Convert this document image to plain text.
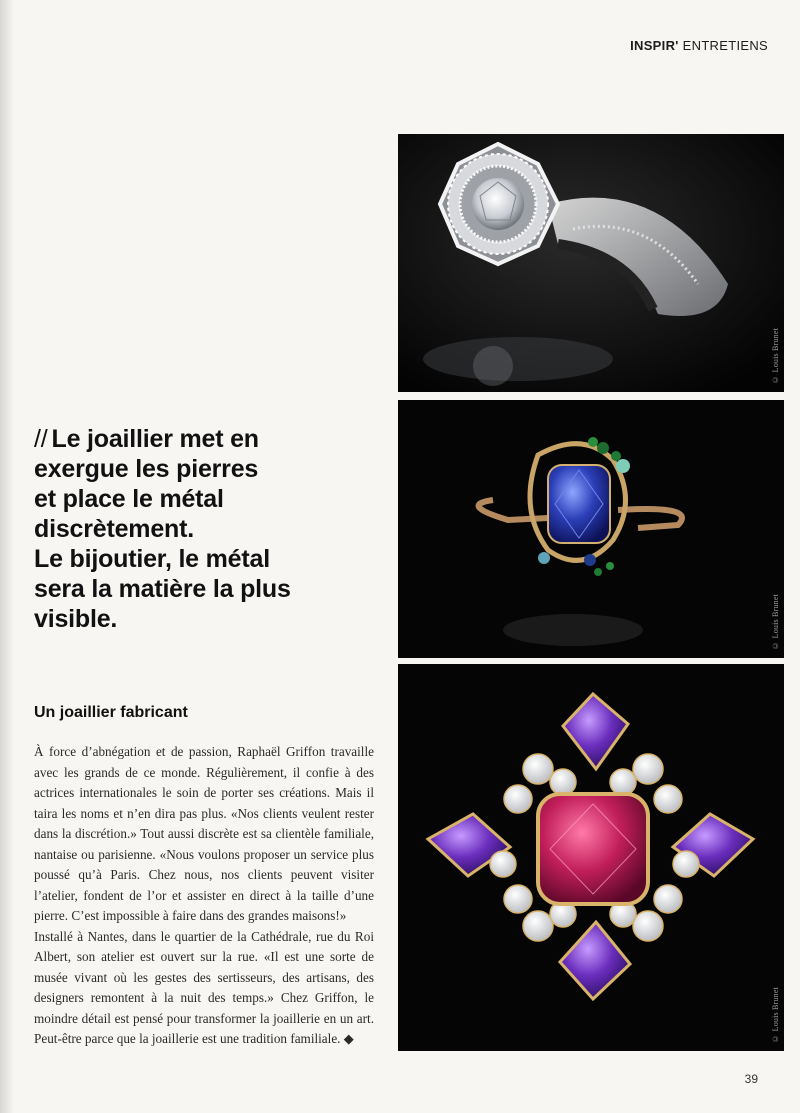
INSPIR' ENTRETIENS
© Louis Brunet
© Louis Brunet
© Louis Brunet
// Le joaillier met en
exergue les pierres
et place le métal
discrètement.
Le bijoutier, le métal
sera la matière la plus
visible.
Un joaillier fabricant

À force d’abnégation et de passion, Raphaël Griffon travaille avec les grands de ce monde. Régulièrement, il confie à des actrices internationales le soin de porter ses créations. Mais il taira les noms et n’en dira pas plus. «Nos clients veulent rester dans la discrétion.» Tout aussi discrète est sa clientèle familiale, nantaise ou parisienne. «Nous voulons proposer un service plus poussé qu’à Paris. Chez nous, nos clients peuvent visiter l’atelier, fondent de l’or et assister en direct à la taille d’une pierre. C’est impossible à faire dans des grandes maisons!»

Installé à Nantes, dans le quartier de la Cathédrale, rue du Roi Albert, son atelier est ouvert sur la rue. «Il est une sorte de musée vivant où les gestes des sertisseurs, des artisans, des designers remontent à la nuit des temps.» Chez Griffon, le moindre détail est pensé pour transformer la joaillerie en un art. Peut-être parce que la joaillerie est une tradition familiale. ◆

39
